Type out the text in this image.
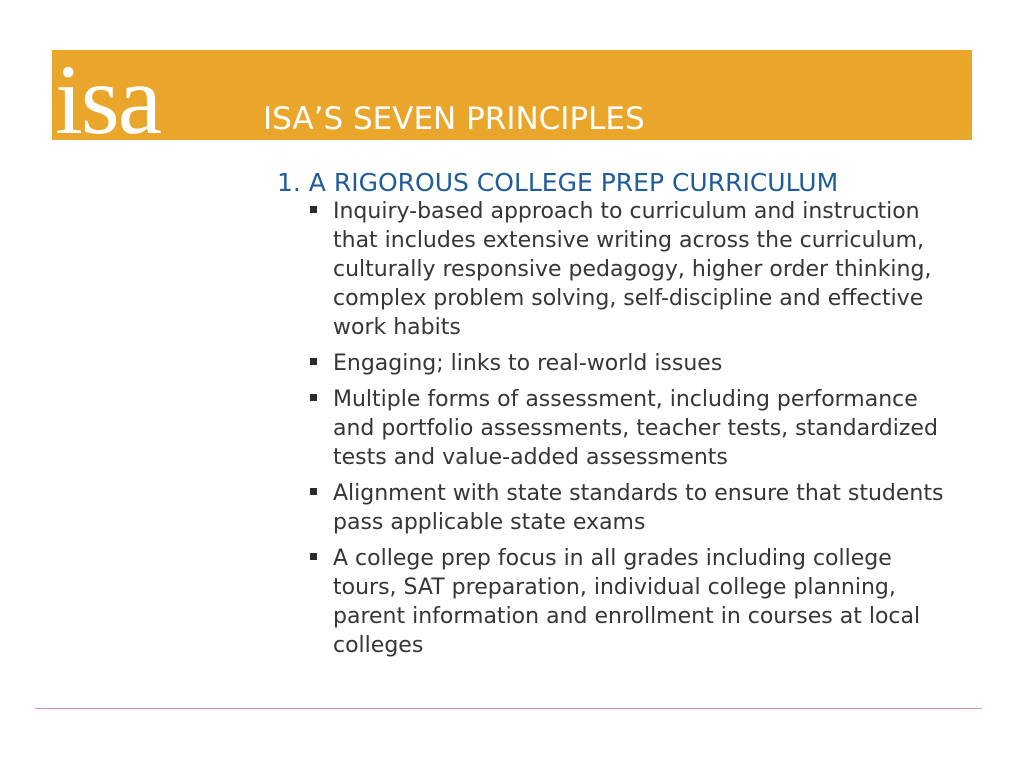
isa	ISA’S SEVEN PRINCIPLES
1. A RIGOROUS COLLEGE PREP CURRICULUM
Inquiry-based approach to curriculum and instruction
that includes extensive writing across the curriculum,
culturally responsive pedagogy, higher order thinking,
complex problem solving, self-discipline and effective
work habits
Engaging; links to real-world issues
Multiple forms of assessment, including performance
and portfolio assessments, teacher tests, standardized
tests and value-added assessments
Alignment with state standards to ensure that students
pass applicable state exams
A college prep focus in all grades including college
tours, SAT preparation, individual college planning,
parent information and enrollment in courses at local
colleges
